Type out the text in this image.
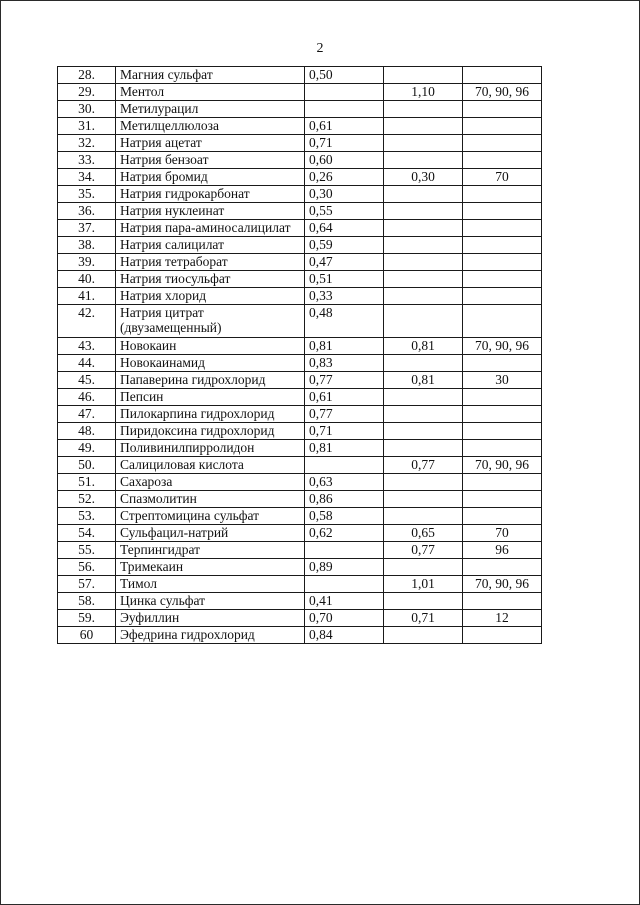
2
28.	Магния сульфат	0,50		
29.	Ментол		1,10	70, 90, 96
30.	Метилурацил			
31.	Метилцеллюлоза	0,61		
32.	Натрия ацетат	0,71		
33.	Натрия бензоат	0,60		
34.	Натрия бромид	0,26	0,30	70
35.	Натрия гидрокарбонат	0,30		
36.	Натрия нуклеинат	0,55		
37.	Натрия пара-аминосалицилат	0,64		
38.	Натрия салицилат	0,59		
39.	Натрия тетраборат	0,47		
40.	Натрия тиосульфат	0,51		
41.	Натрия хлорид	0,33		
42.	Натрия цитрат (двузамещенный)	0,48		
43.	Новокаин	0,81	0,81	70, 90, 96
44.	Новокаинамид	0,83		
45.	Папаверина гидрохлорид	0,77	0,81	30
46.	Пепсин	0,61		
47.	Пилокарпина гидрохлорид	0,77		
48.	Пиридоксина гидрохлорид	0,71		
49.	Поливинилпирролидон	0,81		
50.	Салициловая кислота		0,77	70, 90, 96
51.	Сахароза	0,63		
52.	Спазмолитин	0,86		
53.	Стрептомицина сульфат	0,58		
54.	Сульфацил-натрий	0,62	0,65	70
55.	Терпингидрат		0,77	96
56.	Тримекаин	0,89		
57.	Тимол		1,01	70, 90, 96
58.	Цинка сульфат	0,41		
59.	Эуфиллин	0,70	0,71	12
60	Эфедрина гидрохлорид	0,84		
